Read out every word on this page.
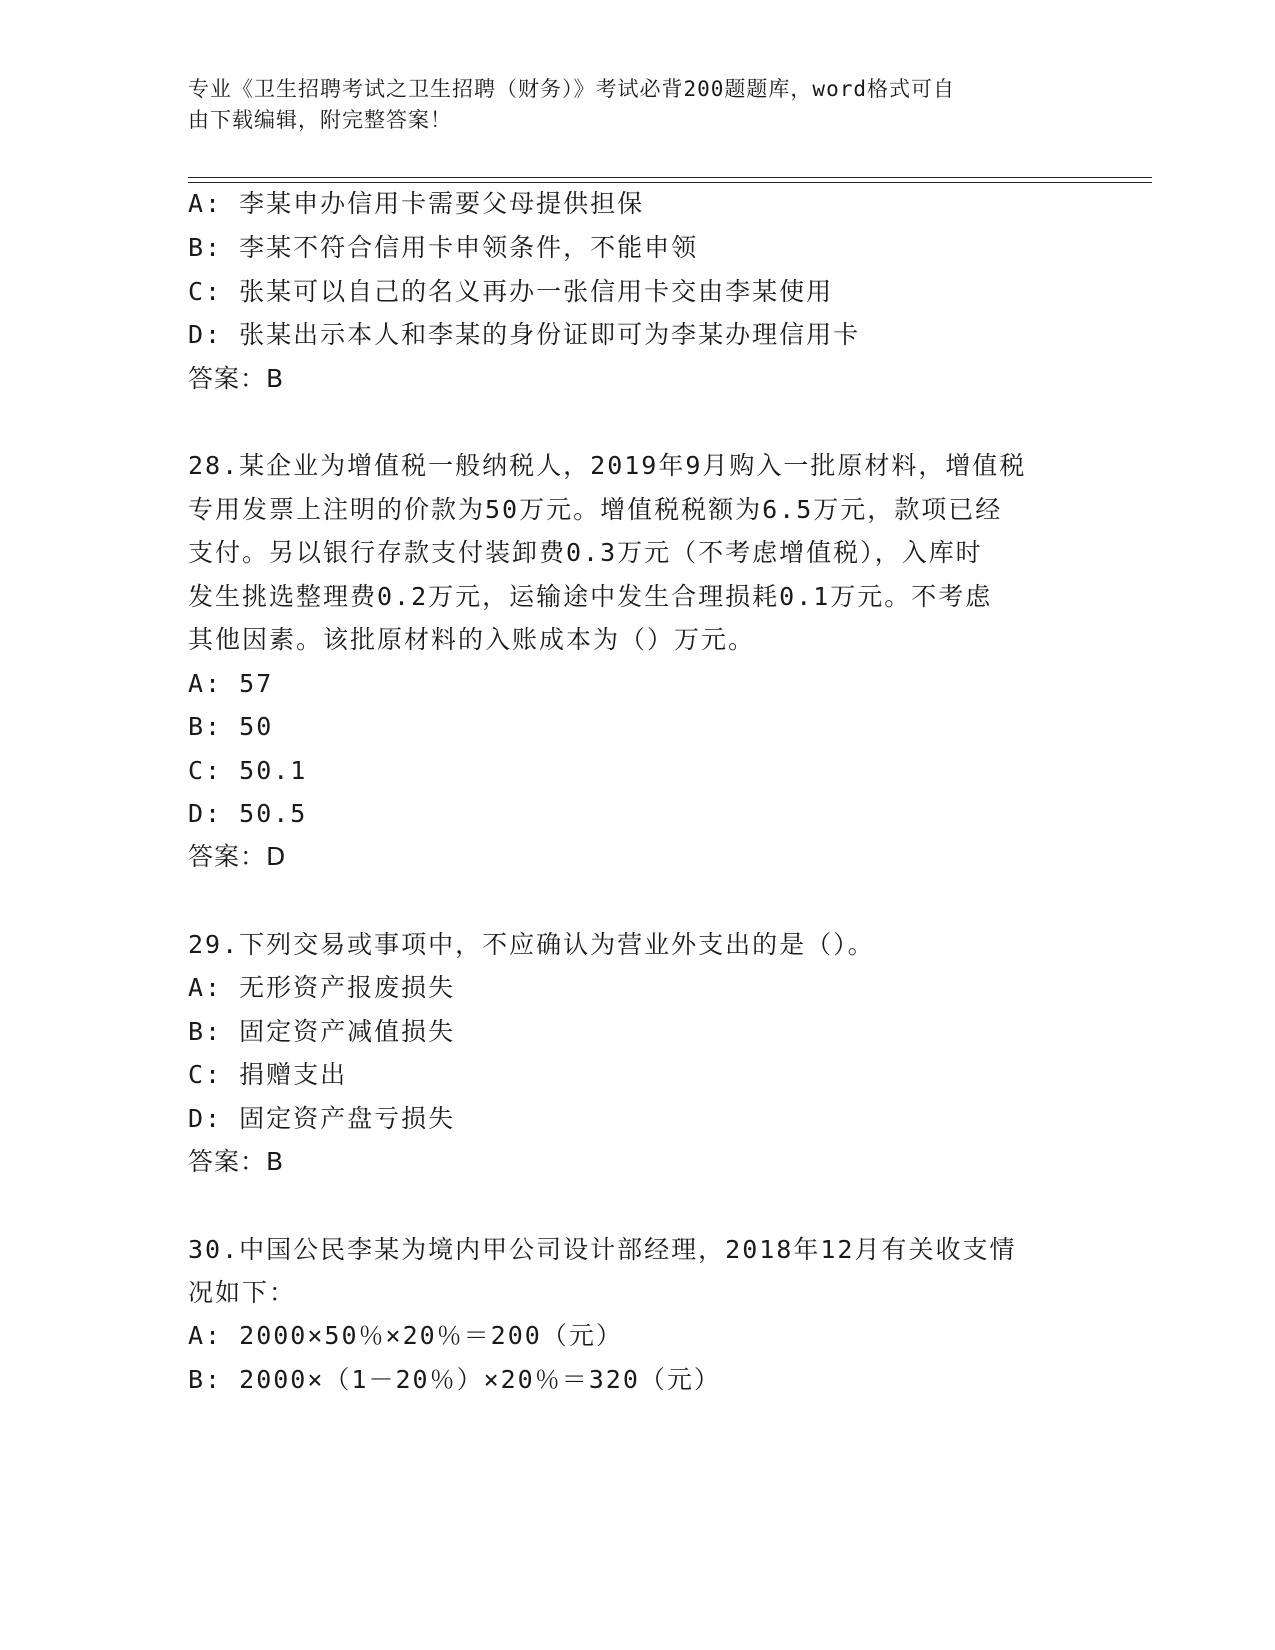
专业《卫生招聘考试之卫生招聘（财务）》考试必背200题题库，word格式可自
由下载编辑，附完整答案！
A: 李某申办信用卡需要父母提供担保
B: 李某不符合信用卡申领条件，不能申领
C: 张某可以自己的名义再办一张信用卡交由李某使用
D: 张某出示本人和李某的身份证即可为李某办理信用卡
答案：B
28.某企业为增值税一般纳税人，2019年9月购入一批原材料，增值税
专用发票上注明的价款为50万元。增值税税额为6.5万元，款项已经
支付。另以银行存款支付装卸费0.3万元（不考虑增值税），入库时
发生挑选整理费0.2万元，运输途中发生合理损耗0.1万元。不考虑
其他因素。该批原材料的入账成本为（）万元。
A: 57
B: 50
C: 50.1
D: 50.5
答案：D
29.下列交易或事项中，不应确认为营业外支出的是（）。
A: 无形资产报废损失
B: 固定资产减值损失
C: 捐赠支出
D: 固定资产盘亏损失
答案：B
30.中国公民李某为境内甲公司设计部经理，2018年12月有关收支情
况如下：
A: 2000×50％×20％＝200（元）
B: 2000×（1－20％）×20％＝320（元）
